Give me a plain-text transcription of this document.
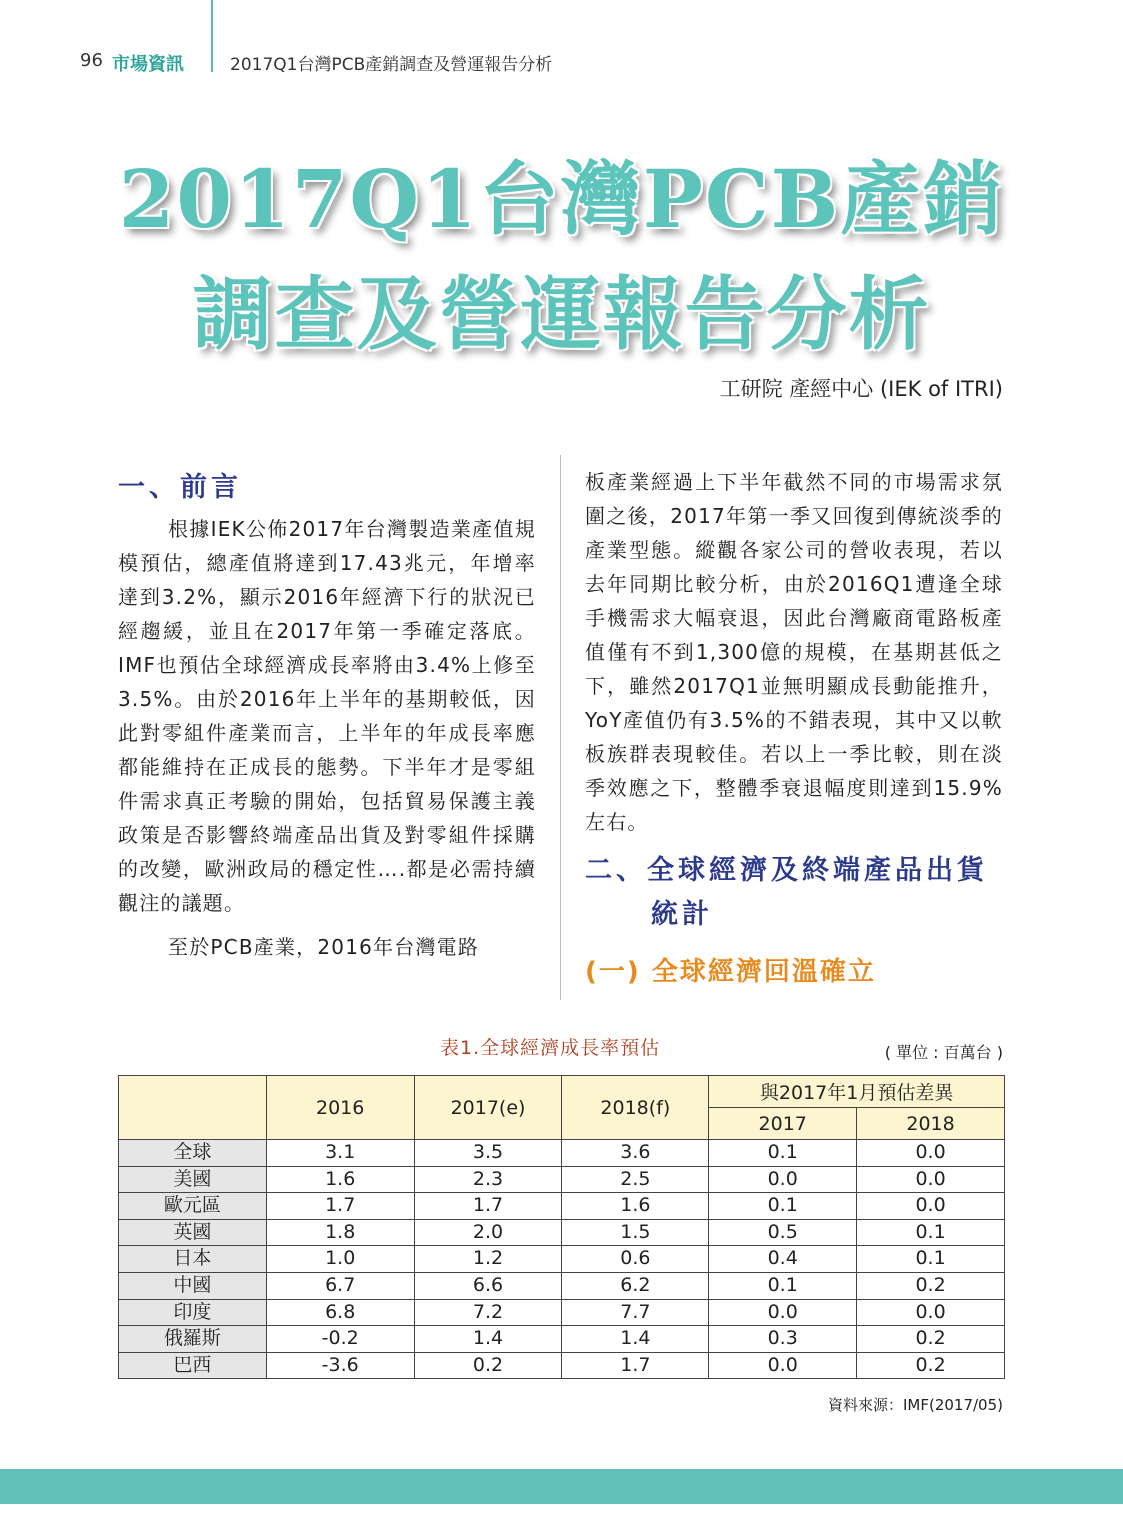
96 市場資訊	2017Q1台灣PCB產銷調查及營運報告分析
2017Q1台灣PCB產銷
調查及營運報告分析
工研院 產經中心 (IEK of ITRI)
一、前言

根據IEK公佈2017年台灣製造業產值規模預估，總產值將達到17.43兆元，年增率達到3.2%，顯示2016年經濟下行的狀況已經趨緩，並且在2017年第一季確定落底。IMF也預估全球經濟成長率將由3.4%上修至3.5%。由於2016年上半年的基期較低，因此對零組件產業而言，上半年的年成長率應都能維持在正成長的態勢。下半年才是零組件需求真正考驗的開始，包括貿易保護主義政策是否影響終端產品出貨及對零組件採購的改變，歐洲政局的穩定性….都是必需持續觀注的議題。

至於PCB產業，2016年台灣電路

板產業經過上下半年截然不同的市場需求氛圍之後，2017年第一季又回復到傳統淡季的產業型態。縱觀各家公司的營收表現，若以去年同期比較分析，由於2016Q1遭逢全球手機需求大幅衰退，因此台灣廠商電路板產值僅有不到1,300億的規模，在基期甚低之下，雖然2017Q1並無明顯成長動能推升，YoY產值仍有3.5%的不錯表現，其中又以軟板族群表現較佳。若以上一季比較，則在淡季效應之下，整體季衰退幅度則達到15.9%左右。

二、全球經濟及終端產品出貨統計
(一) 全球經濟回溫確立
表1.全球經濟成長率預估	( 單位 : 百萬台 )
	2016	2017(e)	2018(f)	與2017年1月預估差異	
				2017	2018
全球	3.1	3.5	3.6	0.1	0.0
美國	1.6	2.3	2.5	0.0	0.0
歐元區	1.7	1.7	1.6	0.1	0.0
英國	1.8	2.0	1.5	0.5	0.1
日本	1.0	1.2	0.6	0.4	0.1
中國	6.7	6.6	6.2	0.1	0.2
印度	6.8	7.2	7.7	0.0	0.0
俄羅斯	-0.2	1.4	1.4	0.3	0.2
巴西	-3.6	0.2	1.7	0.0	0.2
資料來源：IMF(2017/05)
